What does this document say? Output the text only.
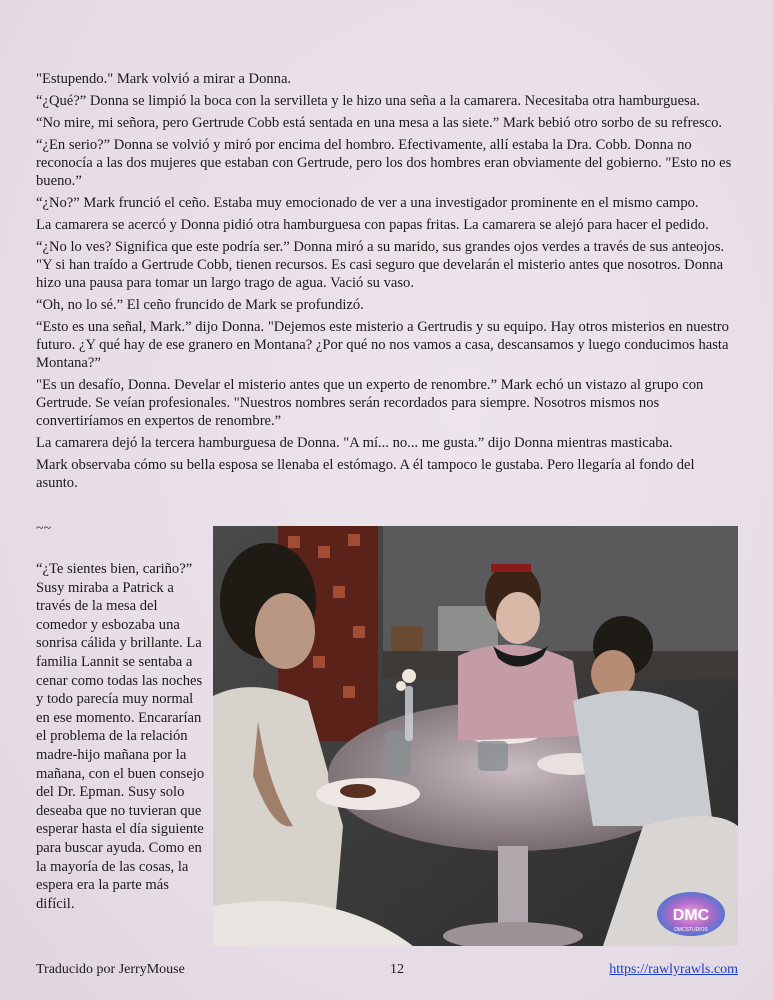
"Estupendo." Mark volvió a mirar a Donna.

“¿Qué?” Donna se limpió la boca con la servilleta y le hizo una seña a la camarera. Necesitaba otra hamburguesa.

“No mire, mi señora, pero Gertrude Cobb está sentada en una mesa a las siete.” Mark bebió otro sorbo de su refresco.

“¿En serio?” Donna se volvió y miró por encima del hombro. Efectivamente, allí estaba la Dra. Cobb. Donna no reconocía a las dos mujeres que estaban con Gertrude, pero los dos hombres eran obviamente del gobierno. "Esto no es bueno.”

“¿No?” Mark frunció el ceño. Estaba muy emocionado de ver a una investigador prominente en el mismo campo.

La camarera se acercó y Donna pidió otra hamburguesa con papas fritas. La camarera se alejó para hacer el pedido.

“¿No lo ves? Significa que este podría ser.” Donna miró a su marido, sus grandes ojos verdes a través de sus anteojos. "Y si han traído a Gertrude Cobb, tienen recursos. Es casi seguro que develarán el misterio antes que nosotros. Donna hizo una pausa para tomar un largo trago de agua. Vació su vaso.

“Oh, no lo sé.” El ceño fruncido de Mark se profundizó.

“Esto es una señal, Mark.” dijo Donna. "Dejemos este misterio a Gertrudis y su equipo. Hay otros misterios en nuestro futuro. ¿Y qué hay de ese granero en Montana? ¿Por qué no nos vamos a casa, descansamos y luego conducimos hasta Montana?”

"Es un desafío, Donna. Develar el misterio antes que un experto de renombre.” Mark echó un vistazo al grupo con Gertrude. Se veían profesionales. "Nuestros nombres serán recordados para siempre. Nosotros mismos nos convertiríamos en expertos de renombre.”

La camarera dejó la tercera hamburguesa de Donna. "A mí... no... me gusta.” dijo Donna mientras masticaba.

Mark observaba cómo su bella esposa se llenaba el estómago. A él tampoco le gustaba. Pero llegaría al fondo del asunto.

~~
“¿Te sientes bien, cariño?” Susy miraba a Patrick a través de la mesa del comedor y esbozaba una sonrisa cálida y brillante. La familia Lannit se sentaba a cenar como todas las noches y todo parecía muy normal en ese momento. Encararían el problema de la relación madre-hijo mañana por la mañana, con el buen consejo del Dr. Epman. Susy solo deseaba que no tuvieran que esperar hasta el día siguiente para buscar ayuda. Como en la mayoría de las cosas, la espera era la parte más difícil.
DMC
DMCSTUDIOS
Traducido por JerryMouse	12	https://rawlyrawls.com
